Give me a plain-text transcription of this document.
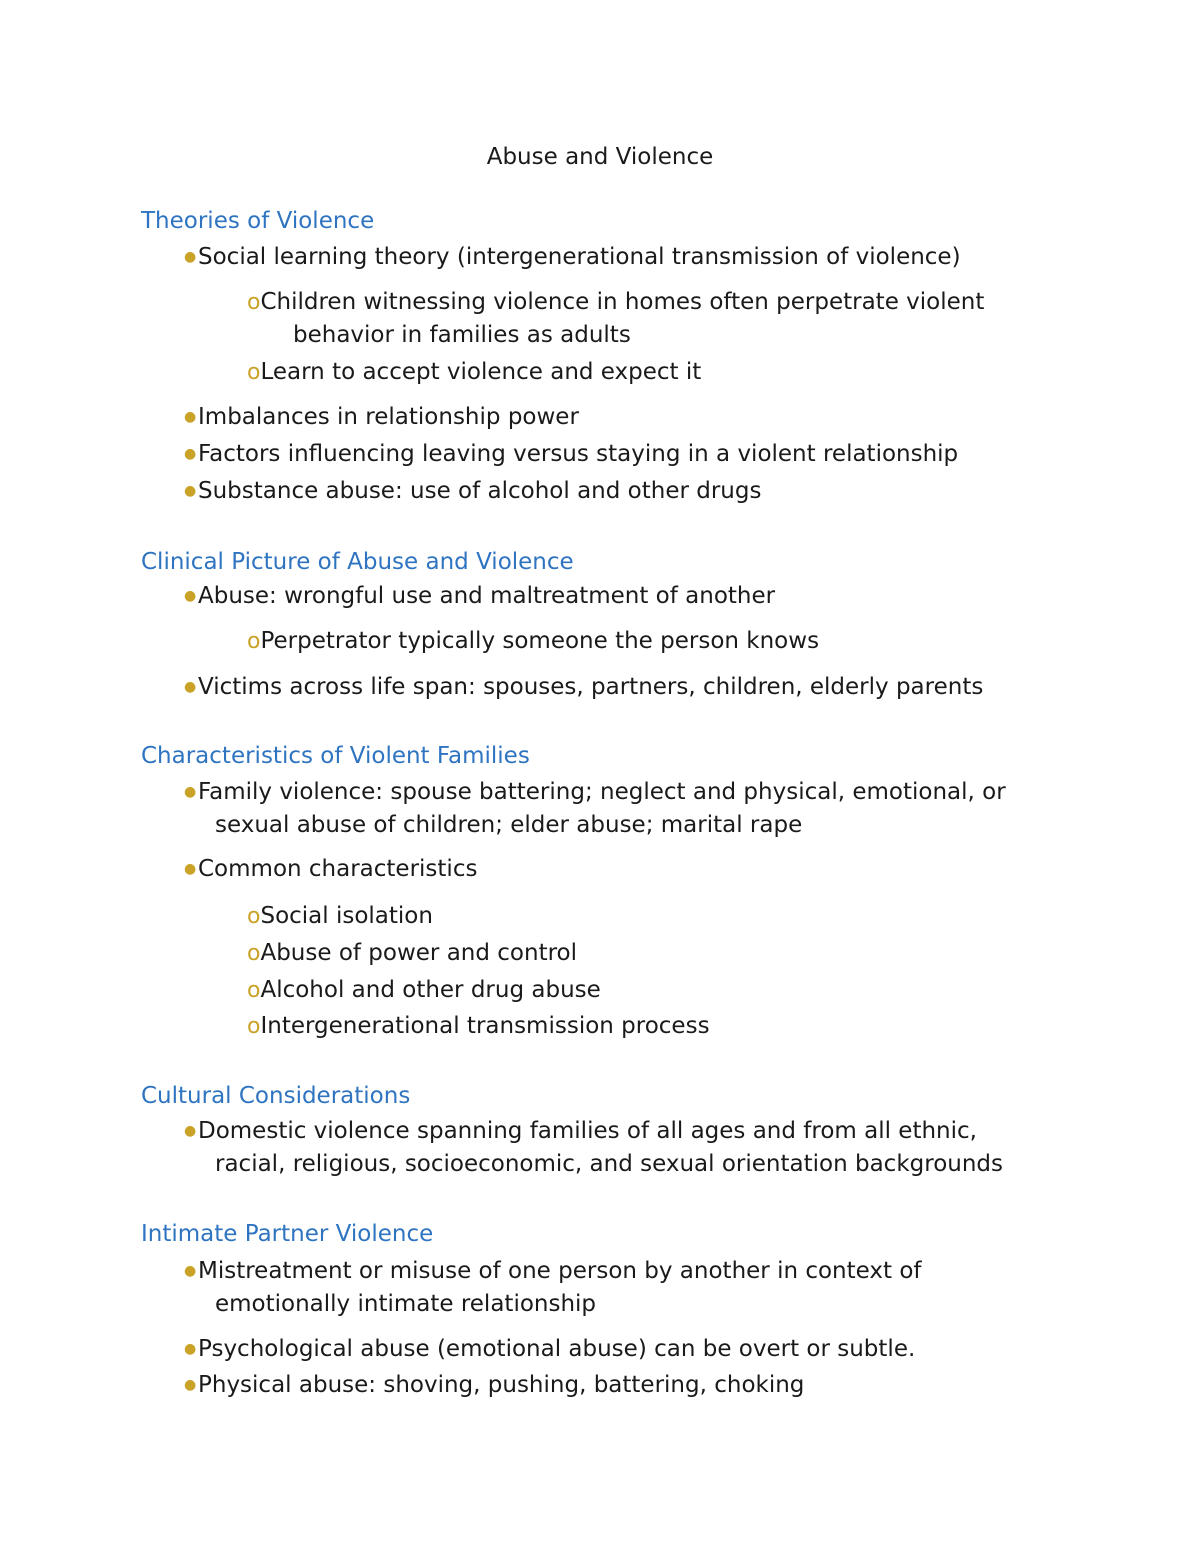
Abuse and Violence
Theories of Violence
●Social learning theory (intergenerational transmission of violence)
oChildren witnessing violence in homes often perpetrate violent
behavior in families as adults
oLearn to accept violence and expect it
●Imbalances in relationship power
●Factors influencing leaving versus staying in a violent relationship
●Substance abuse: use of alcohol and other drugs
Clinical Picture of Abuse and Violence
●Abuse: wrongful use and maltreatment of another
oPerpetrator typically someone the person knows
●Victims across life span: spouses, partners, children, elderly parents
Characteristics of Violent Families
●Family violence: spouse battering; neglect and physical, emotional, or
sexual abuse of children; elder abuse; marital rape
●Common characteristics
oSocial isolation
oAbuse of power and control
oAlcohol and other drug abuse
oIntergenerational transmission process
Cultural Considerations
●Domestic violence spanning families of all ages and from all ethnic,
racial, religious, socioeconomic, and sexual orientation backgrounds
Intimate Partner Violence
●Mistreatment or misuse of one person by another in context of
emotionally intimate relationship
●Psychological abuse (emotional abuse) can be overt or subtle.
●Physical abuse: shoving, pushing, battering, choking
